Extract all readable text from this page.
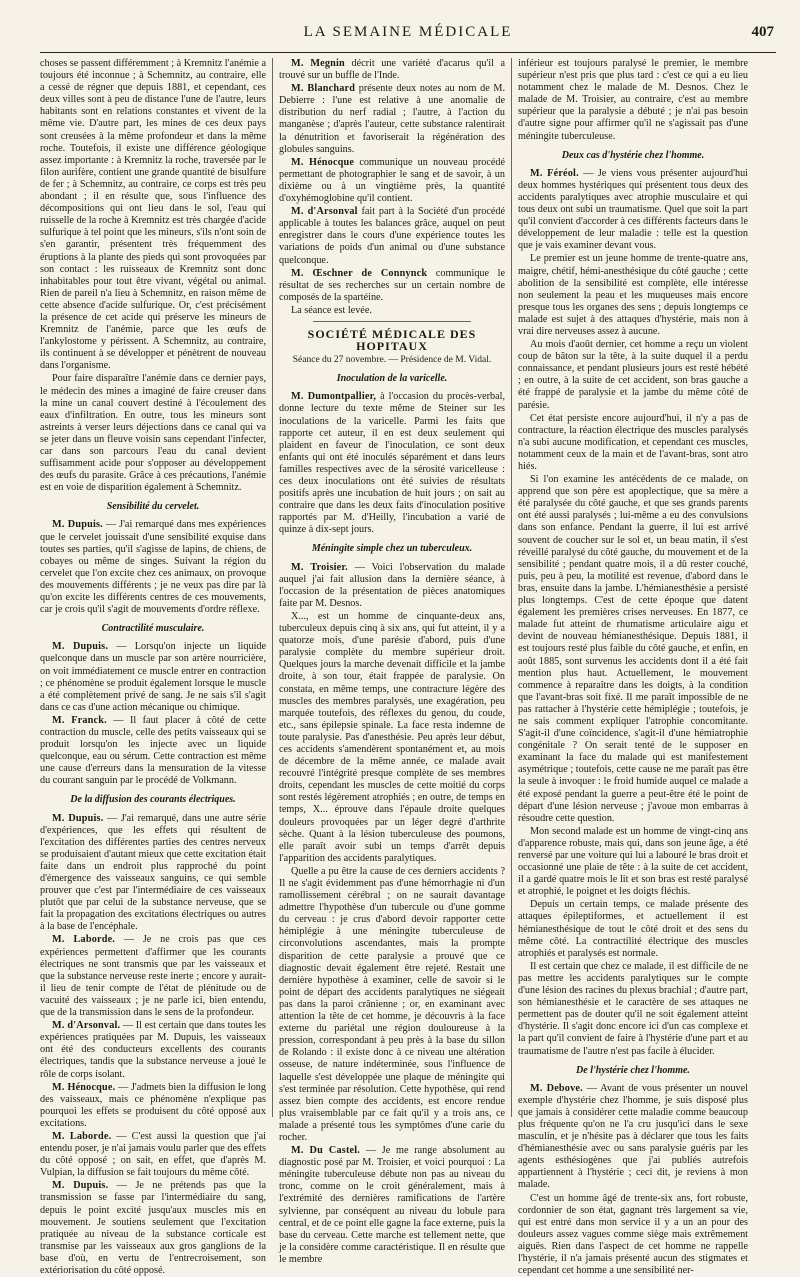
LA SEMAINE MÉDICALE	407

choses se passent différemment ; à Kremnitz l'anémie a toujours été inconnue ; à Schemnitz, au contraire, elle a cessé de régner que depuis 1881, et cependant, ces deux villes sont à peu de distance l'une de l'autre, leurs habitants sont en relations constantes et vivent de la même vie. D'autre part, les mines de ces deux pays sont creusées à la même profondeur et dans la même roche. Toutefois, il existe une différence géologique assez importante : à Kremnitz la roche, traversée par le filon aurifère, contient une grande quantité de bisulfure de fer ; à Schemnitz, au contraire, ce corps est très peu abondant ; il en résulte que, sous l'influence des décompositions qui ont lieu dans le sol, l'eau qui ruisselle de la roche à Kremnitz est très chargée d'acide sulfurique à tel point que les mineurs, s'ils n'ont soin de s'en garantir, présentent très fréquemment des éruptions à la plante des pieds qui sont provoquées par son contact : les ruisseaux de Kremnitz sont donc inhabitables pour tout être vivant, végétal ou animal. Rien de pareil n'a lieu à Schemnitz, en raison même de cette absence d'acide sulfurique. Or, c'est précisément la présence de cet acide qui préserve les mineurs de Kremnitz de l'anémie, parce que les œufs de l'ankylostome y périssent. A Schemnitz, au contraire, ils continuent à se développer et pénètrent de nouveau dans l'organisme.

Pour faire disparaître l'anémie dans ce dernier pays, le médecin des mines a imaginé de faire creuser dans la mine un canal couvert destiné à l'écoulement des eaux d'infiltration. En outre, tous les mineurs sont astreints à verser leurs déjections dans ce canal qui va se jeter dans un fleuve voisin sans cependant l'infecter, car dans son parcours l'eau du canal devient suffisamment acide pour s'opposer au développement des œufs du parasite. Grâce à ces précautions, l'anémie est en voie de disparition également à Schemnitz.

Sensibilité du cervelet.

M. Dupuis. — J'ai remarqué dans mes expériences que le cervelet jouissait d'une sensibilité exquise dans toutes ses parties, qu'il s'agisse de lapins, de chiens, de cobayes ou même de singes. Suivant la région du cervelet que l'on excite chez ces animaux, on provoque des mouvements différents ; je ne veux pas dire par là qu'on excite les différents centres de ces mouvements, car je crois qu'il s'agit de mouvements d'ordre réflexe.

Contractilité musculaire.

M. Dupuis. — Lorsqu'on injecte un liquide quelconque dans un muscle par son artère nourricière, on voit immédiatement ce muscle entrer en contraction ; ce phénomène se produit également lorsque le muscle a été complètement privé de sang. Je ne sais s'il s'agit dans ce cas d'une action mécanique ou chimique.

M. Franck. — Il faut placer à côté de cette contraction du muscle, celle des petits vaisseaux qui se produit lorsqu'on les injecte avec un liquide quelconque, eau ou sérum. Cette contraction est même une cause d'erreurs dans la mensuration de la vitesse du courant sanguin par le procédé de Volkmann.

De la diffusion des courants électriques.

M. Dupuis. — J'ai remarqué, dans une autre série d'expériences, que les effets qui résultent de l'excitation des différentes parties des centres nerveux se produisaient d'autant mieux que cette excitation était faite dans un endroit plus rapproché du point d'émergence des vaisseaux sanguins, ce qui semble prouver que c'est par l'intermédiaire de ces vaisseaux plutôt que par celui de la substance nerveuse, que se fait la propagation des excitations électriques ou autres à la base de l'encéphale.

M. Laborde. — Je ne crois pas que ces expériences permettent d'affirmer que les courants électriques ne sont transmis que par les vaisseaux et que la substance nerveuse reste inerte ; encore y aurait-il lieu de tenir compte de l'état de plénitude ou de vacuité des vaisseaux ; je ne parle ici, bien entendu, que de la transmission dans le sens de la profondeur.

M. d'Arsonval. — Il est certain que dans toutes les expériences pratiquées par M. Dupuis, les vaisseaux ont été des conducteurs excellents des courants électriques, tandis que la substance nerveuse a joué le rôle de corps isolant.

M. Hénocque. — J'admets bien la diffusion le long des vaisseaux, mais ce phénomène n'explique pas pourquoi les effets se produisent du côté opposé aux excitations.

M. Laborde. — C'est aussi la question que j'ai entendu poser, je n'ai jamais voulu parler que des effets du côté opposé ; on sait, en effet, que d'après M. Vulpian, la diffusion se fait toujours du même côté.

M. Dupuis. — Je ne prétends pas que la transmission se fasse par l'intermédiaire du sang, depuis le point excité jusqu'aux muscles mis en mouvement. Je soutiens seulement que l'excitation pratiquée au niveau de la substance corticale est transmise par les vaisseaux aux gros ganglions de la base d'où, en vertu de l'entrecroisement, son extériorisation du côté opposé.

M. Megnin décrit une variété d'acarus qu'il a trouvé sur un buffle de l'Inde.

M. Blanchard présente deux notes au nom de M. Debierre : l'une est relative à une anomalie de distribution du nerf radial ; l'autre, à l'action du manganèse ; d'après l'auteur, cette substance ralentirait la dénutrition et favoriserait la régénération des globules sanguins.

M. Hénocque communique un nouveau procédé permettant de photographier le sang et de savoir, à un dixième ou à un vingtième près, la quantité d'oxyhémoglobine qu'il contient.

M. d'Arsonval fait part à la Société d'un procédé applicable à toutes les balances grâce, auquel on peut enregistrer dans le cours d'une expérience toutes les variations de poids d'un animal ou d'une substance quelconque.

M. Œschner de Connynck communique le résultat de ses recherches sur un certain nombre de composés de la spartéine.

La séance est levée.

SOCIÉTÉ MÉDICALE DES HOPITAUX
Séance du 27 novembre. — Présidence de M. Vidal.
Inoculation de la varicelle.

M. Dumontpallier, à l'occasion du procès-verbal, donne lecture du texte même de Steiner sur les inoculations de la varicelle. Parmi les faits que rapporte cet auteur, il en est deux seulement qui plaident en faveur de l'inoculation, ce sont deux enfants qui ont été inoculés séparément et dans leurs familles respectives avec de la sérosité varicelleuse : ces deux inoculations ont été suivies de résultats positifs après une incubation de huit jours ; on sait au contraire que dans les deux faits d'inoculation positive rapportés par M. d'Heilly, l'incubation a varié de quinze à dix-sept jours.

Méningite simple chez un tuberculeux.

M. Troisier. — Voici l'observation du malade auquel j'ai fait allusion dans la dernière séance, à l'occasion de la présentation de pièces anatomiques faite par M. Desnos.

X..., est un homme de cinquante-deux ans, tuberculeux depuis cinq à six ans, qui fut atteint, il y a quatorze mois, d'une parésie d'abord, puis d'une paralysie complète du membre supérieur droit. Quelques jours la marche devenait difficile et la jambe droite, à son tour, était frappée de paralysie. On constata, en même temps, une contracture légère des muscles des membres paralysés, une exagération, peu marquée toutefois, des réflexes du genou, du coude, etc., sans épilepsie spinale. La face resta indemne de toute paralysie. Pas d'anesthésie. Peu après leur début, ces accidents s'amendèrent spontanément et, au mois de décembre de la même année, ce malade avait recouvré l'intégrité presque complète de ses membres droits, cependant les muscles de cette moitié du corps sont restés légèrement atrophiés ; en outre, de temps en temps, X... éprouve dans l'épaule droite quelques douleurs provoquées par un léger degré d'arthrite sèche. Quant à la lésion tuberculeuse des poumons, elle paraît avoir subi un temps d'arrêt depuis l'apparition des accidents paralytiques.

Quelle a pu être la cause de ces derniers accidents ? Il ne s'agit évidemment pas d'une hémorrhagie ni d'un ramollissement cérébral ; on ne saurait davantage admettre l'hypothèse d'un tubercule ou d'une gomme du cerveau : je crus d'abord devoir rapporter cette hémiplégie à une méningite tuberculeuse de circonvolutions ascendantes, mais la prompte disparition de cette paralysie a prouvé que ce diagnostic devait également être rejeté. Restait une dernière hypothèse à examiner, celle de savoir si le point de départ des accidents paralytiques ne siégeait pas dans la paroi crânienne ; or, en examinant avec attention la tête de cet homme, je découvris à la face externe du pariétal une région douloureuse à la pression, correspondant à peu près à la base du sillon de Rolando : il existe donc à ce niveau une altération osseuse, de nature indéterminée, sous l'influence de laquelle s'est développée une plaque de méningite qui s'est terminée par résolution. Cette hypothèse, qui rend assez bien compte des accidents, est encore rendue plus vraisemblable par ce fait qu'il y a trois ans, ce malade a présenté tous les symptômes d'une carie du rocher.

M. Du Castel. — Je me range absolument au diagnostic posé par M. Troisier, et voici pourquoi : La méningite tuberculeuse débute non pas au niveau du tronc, comme on le croit généralement, mais à l'extrémité des dernières ramifications de l'artère sylvienne, par conséquent au niveau du lobule para central, et de ce point elle gagne la face externe, puis la base du cerveau. Cette marche est tellement nette, que je la considère comme caractéristique. Il en résulte que le membre

inférieur est toujours paralysé le premier, le membre supérieur n'est pris que plus tard : c'est ce qui a eu lieu notamment chez le malade de M. Desnos. Chez le malade de M. Troisier, au contraire, c'est au membre supérieur que la paralysie a débuté ; je n'ai pas besoin d'autre signe pour affirmer qu'il ne s'agissait pas d'une méningite tuberculeuse.

Deux cas d'hystérie chez l'homme.

M. Féréol. — Je viens vous présenter aujourd'hui deux hommes hystériques qui présentent tous deux des accidents paralytiques avec atrophie musculaire et qui tous deux ont subi un traumatisme. Quel que soit la part qu'il convient d'accorder à ces différents facteurs dans le développement de leur maladie : telle est la question que je vais examiner devant vous.

Le premier est un jeune homme de trente-quatre ans, maigre, chétif, hémi-anesthésique du côté gauche ; cette abolition de la sensibilité est complète, elle intéresse non seulement la peau et les muqueuses mais encore presque tous les organes des sens ; depuis longtemps ce malade est sujet à des attaques d'hystérie, mais non à vrai dire nerveuses assez à aucune.

Au mois d'août dernier, cet homme a reçu un violent coup de bâton sur la tête, à la suite duquel il a perdu connaissance, et pendant plusieurs jours est resté hébété ; en outre, à la suite de cet accident, son bras gauche a été frappé de paralysie et la jambe du même côté de parésie.

Cet état persiste encore aujourd'hui, il n'y a pas de contracture, la réaction électrique des muscles paralysés n'a subi aucune modification, et cependant ces muscles, notamment ceux de la main et de l'avant-bras, sont atro hiés.

Si l'on examine les antécédents de ce malade, on apprend que son père est apoplectique, que sa mère a été paralysée du côté gauche, et que ses grands parents ont été aussi paralysés ; lui-même a eu des convulsions dans son enfance. Pendant la guerre, il lui est arrivé souvent de coucher sur le sol et, un beau matin, il s'est réveillé paralysé du côté gauche, du mouvement et de la sensibilité ; pendant quatre mois, il a dû rester couché, puis, peu à peu, la motilité est revenue, d'abord dans le bras, ensuite dans la jambe. L'hémianesthésie a persisté plus longtemps. C'est de cette époque que datent également les premières crises nerveuses. En 1877, ce malade fut atteint de rhumatisme articulaire aigu et devint de nouveau hémianesthésique. Depuis 1881, il est toujours resté plus faible du côté gauche, et enfin, en août 1885, sont survenus les accidents dont il a été fait mention plus haut. Actuellement, le mouvement commence à reparaître dans les doigts, à la condition que l'avant-bras soit fixé. Il me paraît impossible de ne pas rattacher à l'hystérie cette hémiplégie ; toutefois, je ne sais comment expliquer l'atrophie concomitante. S'agit-il d'une coïncidence, s'agit-il d'une hémiatrophie congénitale ? On serait tenté de le supposer en examinant la face du malade qui est manifestement asymétrique ; toutefois, cette cause ne me paraît pas être la seule à invoquer : le froid humide auquel ce malade a été exposé pendant la guerre a peut-être été le point de départ d'une lésion nerveuse ; j'avoue mon embarras à résoudre cette question.

Mon second malade est un homme de vingt-cinq ans d'apparence robuste, mais qui, dans son jeune âge, a été renversé par une voiture qui lui a labouré le bras droit et occasionné une plaie de tête : à la suite de cet accident, il a gardé quatre mois le lit et son bras est resté paralysé et atrophié, le poignet et les doigts fléchis.

Depuis un certain temps, ce malade présente des attaques épileptiformes, et actuellement il est hémianesthésique de tout le côté droit et des sens du même côté. La contractilité électrique des muscles atrophiés et paralysés est normale.

Il est certain que chez ce malade, il est difficile de ne pas mettre les accidents paralytiques sur le compte d'une lésion des racines du plexus brachial ; d'autre part, son hémianesthésie et le caractère de ses attaques ne permettent pas de douter qu'il ne soit également atteint d'hystérie. Il s'agit donc encore ici d'un cas complexe et la part qu'il convient de faire à l'hystérie d'une part et au traumatisme de l'autre n'est pas facile à élucider.

De l'hystérie chez l'homme.

M. Debove. — Avant de vous présenter un nouvel exemple d'hystérie chez l'homme, je suis disposé plus que jamais à considérer cette maladie comme beaucoup plus fréquente qu'on ne l'a cru jusqu'ici dans le sexe masculin, et je n'hésite pas à déclarer que tous les faits d'hémianesthésie avec ou sans paralysie guéris par les agents esthésiogènes que j'ai publiés autrefois appartiennent à l'hystérie ; ceci dit, je reviens à mon malade.

C'est un homme âgé de trente-six ans, fort robuste, cordonnier de son état, gagnant très largement sa vie, qui est entré dans mon service il y a un an pour des douleurs assez vagues comme siège mais extrêmement aiguës. Rien dans l'aspect de cet homme ne rappelle l'hystérie, il n'a jamais présenté aucun des stigmates et cependant cet homme a une sensibilité ner-
